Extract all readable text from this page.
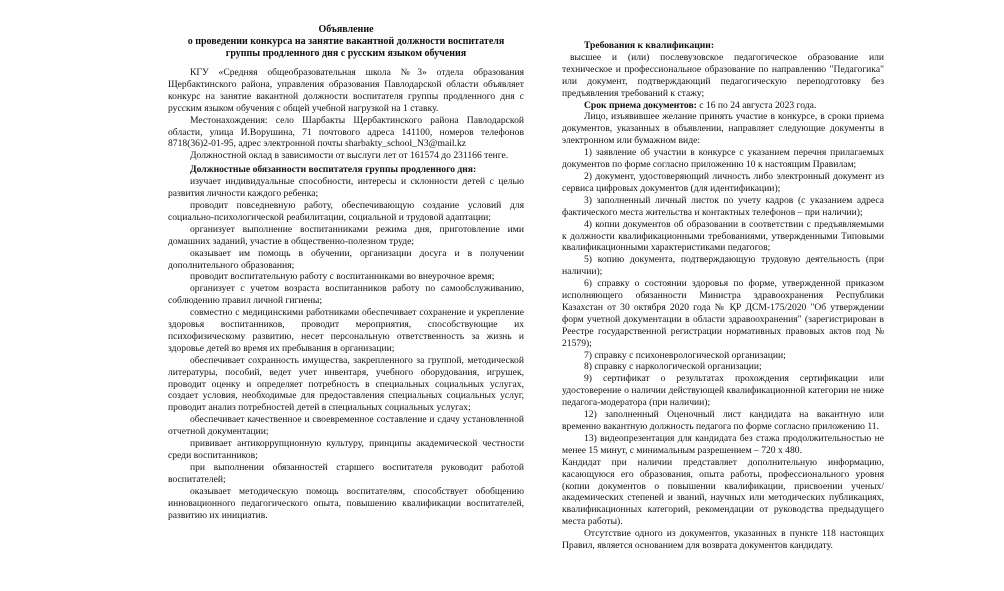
Объявление
о проведении конкурса на занятие вакантной должности воспитателя
группы продленного дня с русским языком обучения

КГУ «Средняя общеобразовательная школа №3» отдела образования Щербактинского района, управления образования Павлодарской области объявляет конкурс на занятие вакантной должности воспитателя группы продленного дня с русским языком обучения с общей учебной нагрузкой на 1 ставку.

Местонахождения: село Шарбакты Щербактинского района Павлодарской области, улица И.Ворушина, 71 почтового адреса 141100, номеров телефонов 8718(36)2-01-95, адрес электронной почты sharbakty_school_N3@mail.kz

Должностной оклад в зависимости от выслуги лет от 161574 до 231166 тенге.

Должностные обязанности воспитателя группы продленного дня:

изучает индивидуальные способности, интересы и склонности детей с целью развития личности каждого ребенка;

проводит повседневную работу, обеспечивающую создание условий для социально-психологической реабилитации, социальной и трудовой адаптации;

организует выполнение воспитанниками режима дня, приготовление ими домашних заданий, участие в общественно-полезном труде;

оказывает им помощь в обучении, организации досуга и в получении дополнительного образования;

проводит воспитательную работу с воспитанниками во внеурочное время;

организует с учетом возраста воспитанников работу по самообслуживанию, соблюдению правил личной гигиены;

совместно с медицинскими работниками обеспечивает сохранение и укрепление здоровья воспитанников, проводит мероприятия, способствующие их психофизическому развитию, несет персональную ответственность за жизнь и здоровье детей во время их пребывания в организации;

обеспечивает сохранность имущества, закрепленного за группой, методической литературы, пособий, ведет учет инвентаря, учебного оборудования, игрушек, проводит оценку и определяет потребность в специальных социальных услугах, создает условия, необходимые для предоставления специальных социальных услуг, проводит анализ потребностей детей в специальных социальных услугах;

обеспечивает качественное и своевременное составление и сдачу установленной отчетной документации;

прививает антикоррупционную культуру, принципы академической честности среди воспитанников;

при выполнении обязанностей старшего воспитателя руководит работой воспитателей;

оказывает методическую помощь воспитателям, способствует обобщению инновационного педагогического опыта, повышению квалификации воспитателей, развитию их инициатив.

Требования к квалификации:

высшее и (или) послевузовское педагогическое образование или техническое и профессиональное образование по направлению "Педагогика" или документ, подтверждающий педагогическую переподготовку без предъявления требований к стажу;

Срок приема документов: с 16 по 24 августа 2023 года.

Лицо, изъявившее желание принять участие в конкурсе, в сроки приема документов, указанных в объявлении, направляет следующие документы в электронном или бумажном виде:

1) заявление об участии в конкурсе с указанием перечня прилагаемых документов по форме согласно приложению 10 к настоящим Правилам;

2) документ, удостоверяющий личность либо электронный документ из сервиса цифровых документов (для идентификации);

3) заполненный личный листок по учету кадров (с указанием адреса фактического места жительства и контактных телефонов – при наличии);

4) копии документов об образовании в соответствии с предъявляемыми к должности квалификационными требованиями, утвержденными Типовыми квалификационными характеристиками педагогов;

5) копию документа, подтверждающую трудовую деятельность (при наличии);

6) справку о состоянии здоровья по форме, утвержденной приказом исполняющего обязанности Министра здравоохранения Республики Казахстан от 30 октября 2020 года № ҚР ДСМ-175/2020 "Об утверждении форм учетной документации в области здравоохранения" (зарегистрирован в Реестре государственной регистрации нормативных правовых актов под № 21579);

7) справку с психоневрологической организации;

8) справку с наркологической организации;

9) сертификат о результатах прохождения сертификации или удостоверение о наличии действующей квалификационной категории не ниже педагога-модератора (при наличии);

12) заполненный Оценочный лист кандидата на вакантную или временно вакантную должность педагога по форме согласно приложению 11.

13) видеопрезентация для кандидата без стажа продолжительностью не менее 15 минут, с минимальным разрешением – 720 x 480.

Кандидат при наличии представляет дополнительную информацию, касающуюся его образования, опыта работы, профессионального уровня (копии документов о повышении квалификации, присвоении ученых/академических степеней и званий, научных или методических публикациях, квалификационных категорий, рекомендации от руководства предыдущего места работы).

Отсутствие одного из документов, указанных в пункте 118 настоящих Правил, является основанием для возврата документов кандидату.
